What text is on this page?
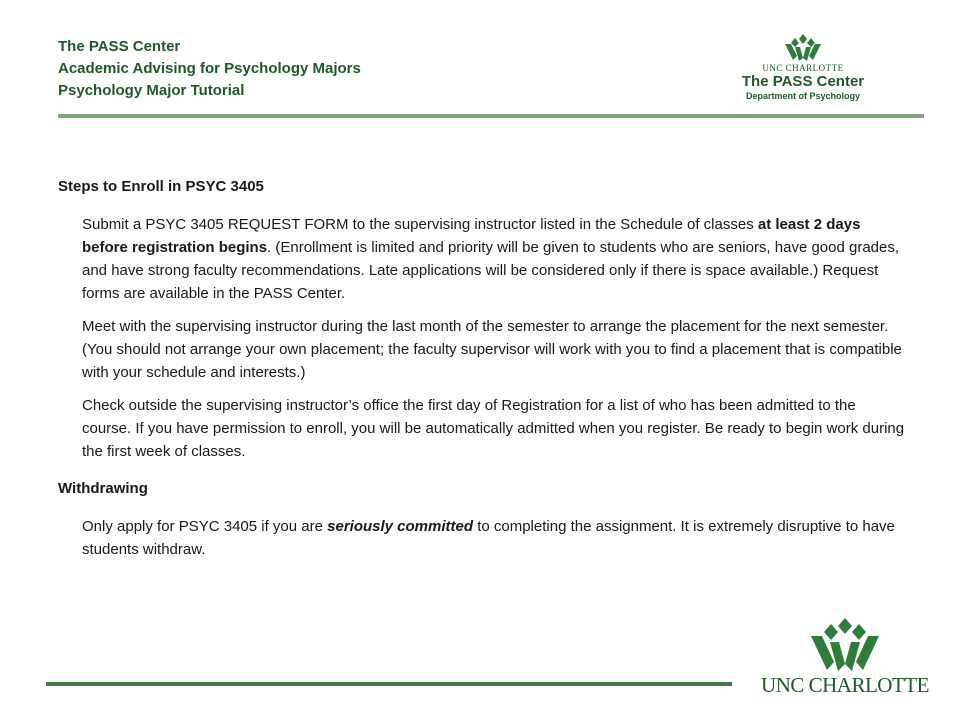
The PASS Center
Academic Advising for Psychology Majors
Psychology Major Tutorial
UNC CHARLOTTE
The PASS Center
Department of Psychology

Steps to Enroll in PSYC 3405

Submit a PSYC 3405 REQUEST FORM to the supervising instructor listed in the Schedule of classes at least 2 days before registration begins. (Enrollment is limited and priority will be given to students who are seniors, have good grades, and have strong faculty recommendations. Late applications will be considered only if there is space available.) Request forms are available in the PASS Center.

Meet with the supervising instructor during the last month of the semester to arrange the placement for the next semester. (You should not arrange your own placement; the faculty supervisor will work with you to find a placement that is compatible with your schedule and interests.)

Check outside the supervising instructor’s office the first day of Registration for a list of who has been admitted to the course. If you have permission to enroll, you will be automatically admitted when you register. Be ready to begin work during the first week of classes.

Withdrawing

Only apply for PSYC 3405 if you are seriously committed to completing the assignment. It is extremely disruptive to have students withdraw.

UNC CHARLOTTE
